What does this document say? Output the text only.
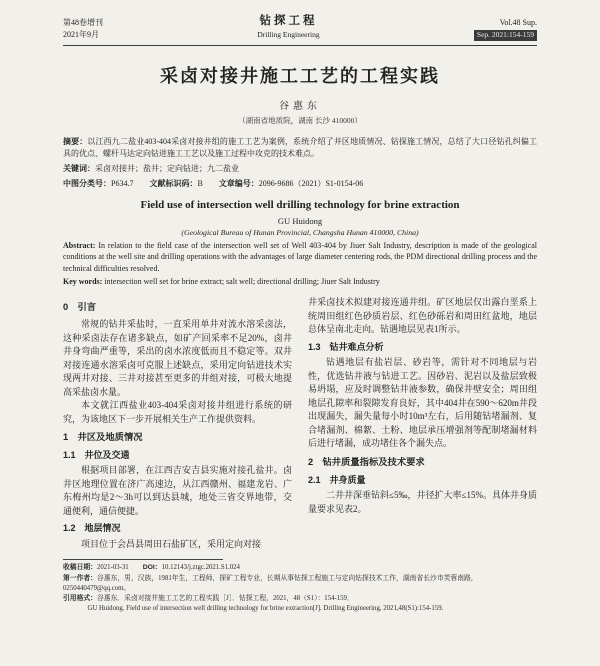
第48卷增刊
2021年9月
钻探工程
Drilling Engineering
Vol.48 Sup.
Sep. 2021:154-159
采卤对接井施工工艺的工程实践
谷惠东
（湖南省地质院，湖南 长沙 410000）

摘要：以江西九二盐业403-404采卤对接井组的施工工艺为案例，系统介绍了井区地质情况、钻探施工情况，总结了大口径钻孔纠偏工具的优点、螺杆马达定向钻进施工工艺以及施工过程中攻克的技术难点。

关键词：采卤对接井；盐井；定向钻进；九二盐业

中图分类号：P634.7 文献标识码：B 文章编号：2096-9686（2021）S1-0154-06

Field use of intersection well drilling technology for brine extraction
GU Huidong
(Geological Bureau of Hunan Provincial, Changsha Hunan 410000, China)

Abstract: In relation to the field case of the intersection well set of Well 403-404 by Jiuer Salt Industry, description is made of the geological conditions at the well site and drilling operations with the advantages of large diameter centering rods, the PDM directional drilling process and the technical difficulties resolved.

Key words: intersection well set for brine extract; salt well; directional drilling; Jiuer Salt Industry

0　引言

常规的钻井采盐时，一直采用单井对流水溶采卤法，这种采卤法存在诸多缺点，如矿产回采率不足20%，卤井井身弯曲严重等，采出的卤水浓度低而且不稳定等。双井对接连通水溶采卤可克服上述缺点，采用定向钻进技术实现两井对接、三井对接甚至更多的井组对接，可极大地提高采盐卤水量。

本文就江西盐业403-404采卤对接井组进行系统的研究，为该地区下一步开展相关生产工作提供资料。

1　井区及地质情况
1.1　井位及交通

根据项目部署，在江西吉安吉县实施对接孔盐井。卤井区地理位置在济广高速边，从江西赣州、福建龙岩、广东梅州均是2～3h可以到达县城，地处三省交界地带，交通便利，通信便捷。

1.2　地层情况

项目位于会昌县周田石盐矿区，采用定向对接

井采卤技术拟建对接连通井组。矿区地层仅出露白垩系上统周田组红色砂质岩层、红色砂砾岩和周田红盆地，地层总体呈南北走向。钻遇地层见表1所示。

1.3　钻井难点分析

钻遇地层有盐岩层、砂岩等，需针对不同地层与岩性，优选钻井液与钻进工艺。因砂岩、泥岩以及盐层致极易坍塌，应及时调整钻井液参数，确保井壁安全；周田组地层孔隙率和裂隙发育良好，其中404井在590～620m井段出现漏失，漏失量每小时10m³左右，后用随钻堵漏剂、复合堵漏剂、棉絮、土粉、地层承压增强剂等配制堵漏材料后进行堵漏，成功堵住各个漏失点。

2　钻井质量指标及技术要求
2.1　井身质量

二井井深垂钻斜≤5‰，井径扩大率≤15%。具体井身质量要求见表2。

收稿日期：2021-03-31 DOI：10.12143/j.ztgc.2021.S1.024

第一作者：谷惠东，男，汉族，1981年生，工程师，探矿工程专业，长期从事钻探工程施工与定向钻探技术工作，湖南省长沙市芙蓉南路，0250440479@qq.com。

引用格式：谷惠东．采卤对接井施工工艺的工程实践［J］．钻探工程，2021，48（S1）：154-159．

GU Huidong. Field use of intersection well drilling technology for brine extraction[J]. Drilling Engineering, 2021,48(S1):154-159.
